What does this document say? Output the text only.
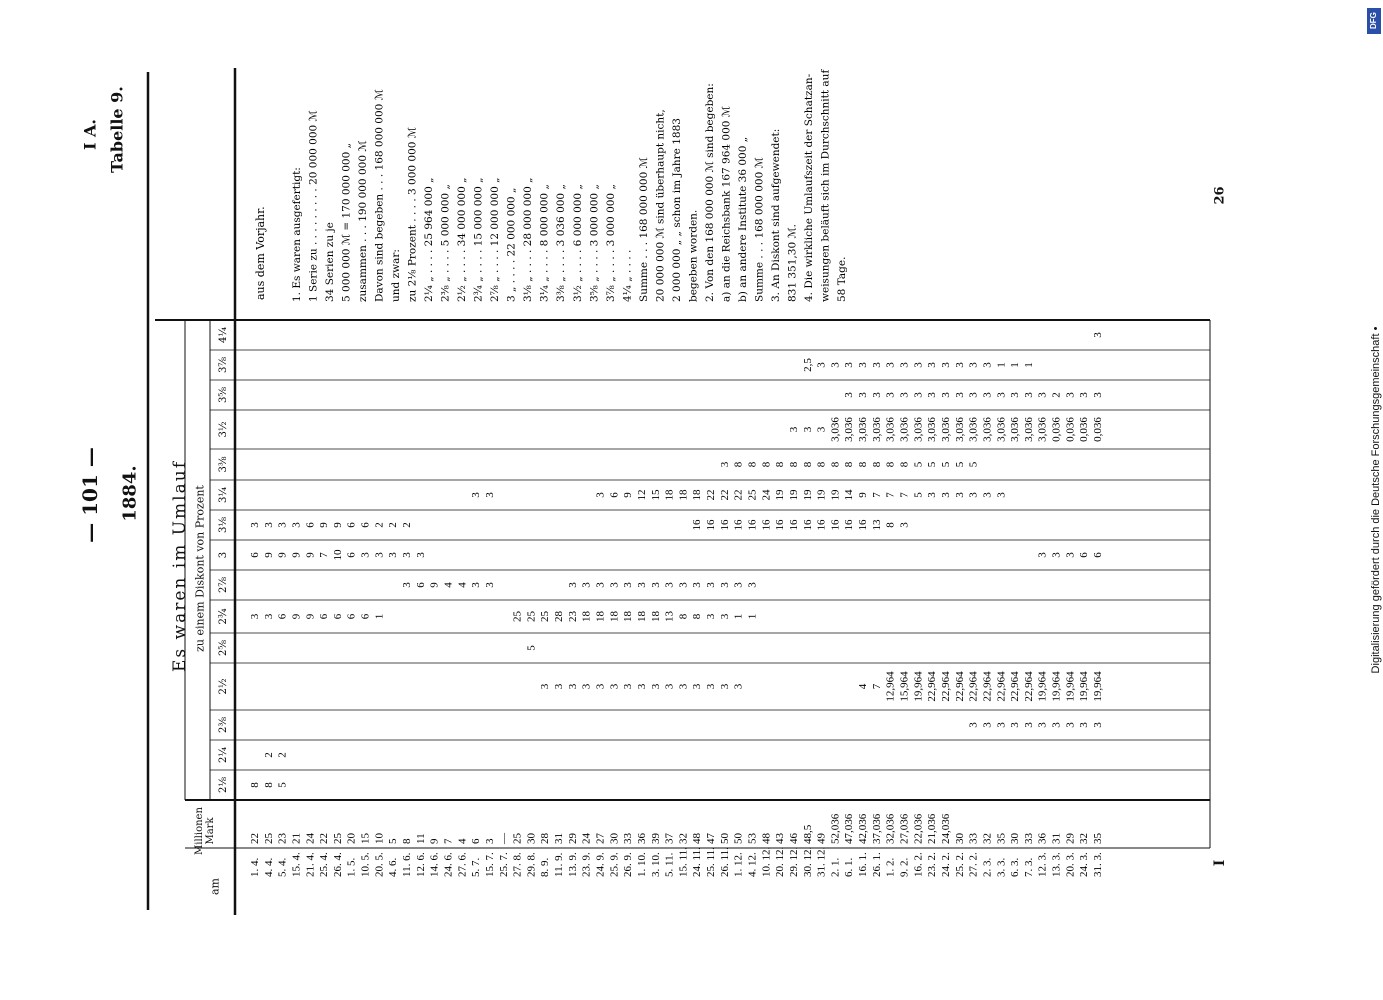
2⅛
2¼
2⅜
2½
2⅝
2¾
2⅞
3
3⅛
3¼
3⅜
3½
3⅝
3⅞
4¼
1. 4.
22
8
3
6
3
4. 4.
25
8
2
3
9
3
5. 4.
23
5
2
6
9
3
15. 4.
21
9
9
3
21. 4.
24
9
9
6
25. 4.
22
6
7
9
26. 4.
25
6
10
9
1. 5.
20
6
6
6
10. 5.
15
6
3
6
20. 5.
10
1
3
2
4. 6.
5
3
2
11. 6.
8
3
3
2
12. 6.
11
6
3
14. 6.
9
9
24. 6.
7
4
27. 6.
4
4
5. 7.
6
3
3
15. 7.
3
3
3
25. 7.
—
27. 8.
25
25
29. 8.
30
5
25
8. 9.
28
3
25
11. 9.
31
3
28
13. 9.
29
3
23
3
23. 9.
24
3
18
3
24. 9.
27
3
18
3
3
25. 9.
30
3
18
3
6
26. 9.
33
3
18
3
9
1. 10.
36
3
18
3
12
3. 10.
39
3
18
3
15
5. 11.
37
3
13
3
18
15. 11.
32
3
8
3
18
24. 11.
48
3
8
3
16
18
25. 11.
47
3
3
3
16
22
26. 11.
50
3
3
3
16
22
3
1. 12.
50
3
1
3
16
22
8
4. 12.
53
1
3
16
25
8
10. 12.
48
16
24
8
20. 12.
43
16
19
8
29. 12.
46
16
19
8
3
30. 12.
48,5
16
19
8
3
2,5
31. 12.
49
16
19
8
3
3
2. 1.
52,036
16
19
8
3,036
3
6. 1.
47,036
16
14
8
3,036
3
3
16. 1.
42,036
4
16
9
8
3,036
3
3
26. 1.
37,036
7
13
7
8
3,036
3
3
1. 2.
32,036
12,964
8
7
8
3,036
3
3
9. 2.
27,036
15,964
3
7
8
3,036
3
3
16. 2.
22,036
19,964
5
5
3,036
3
3
23. 2.
21,036
22,964
3
5
3,036
3
3
24. 2.
24,036
22,964
3
5
3,036
3
3
25. 2.
30
22,964
3
5
3,036
3
3
27. 2.
33
3
22,964
3
5
3,036
3
3
2. 3.
32
3
22,964
3
3,036
3
3
3. 3.
35
3
22,964
3
3,036
3
1
6. 3.
30
3
22,964
3,036
3
1
7. 3.
33
3
22,964
3,036
3
1
12. 3.
36
3
19,964
3
3,036
3
13. 3.
31
3
19,964
3
0,036
2
20. 3.
29
3
19,964
3
0,036
3
24. 3.
32
3
19,964
6
0,036
3
31. 3.
35
3
19,964
6
0,036
3
3
aus dem Vorjahr. 1. Es waren ausgefertigt: 1 Serie zu . . . . . . . . . 20 000 000 ℳ 34 Serien zu je 5 000 000 ℳ = 170 000 000 „ zusammen . . . 190 000 000 ℳ Davon sind begeben . . . 168 000 000 ℳ und zwar: zu 2⅛ Prozent . . . . 3 000 000 ℳ 2¼ „ . . . . 25 964 000 „ 2⅜ „ . . . . 5 000 000 „ 2½ „ . . . . 34 000 000 „ 2¾ „ . . . . 15 000 000 „ 2⅞ „ . . . . 12 000 000 „ 3 „ . . . . 22 000 000 „ 3⅛ „ . . . . 28 000 000 „ 3¼ „ . . . . 8 000 000 „ 3⅜ „ . . . . 3 036 000 „ 3½ „ . . . . 6 000 000 „ 3⅝ „ . . . . 3 000 000 „ 3⅞ „ . . . . 3 000 000 „ 4¼ „ . . . . Summe . . . 168 000 000 ℳ 20 000 000 ℳ sind überhaupt nicht, 2 000 000 „ „ schon im Jahre 1883 begeben worden. 2. Von den 168 000 000 ℳ sind begeben: a) an die Reichsbank 167 964 000 ℳ b) an andere Institute 36 000 „ Summe . . . 168 000 000 ℳ 3. An Diskont sind aufgewendet: 831 351,30 ℳ. 4. Die wirkliche Umlaufszeit der Schatzan- weisungen beläuft sich im Durchschnitt auf 58 Tage.
— 101 — 1884.
I A. Tabelle 9.
Es waren im Umlauf zu einem Diskont von Prozent
am
Millionen Mark
26
I
Digitalisierung gefördert durch die Deutsche Forschungsgemeinschaft •
DFG
